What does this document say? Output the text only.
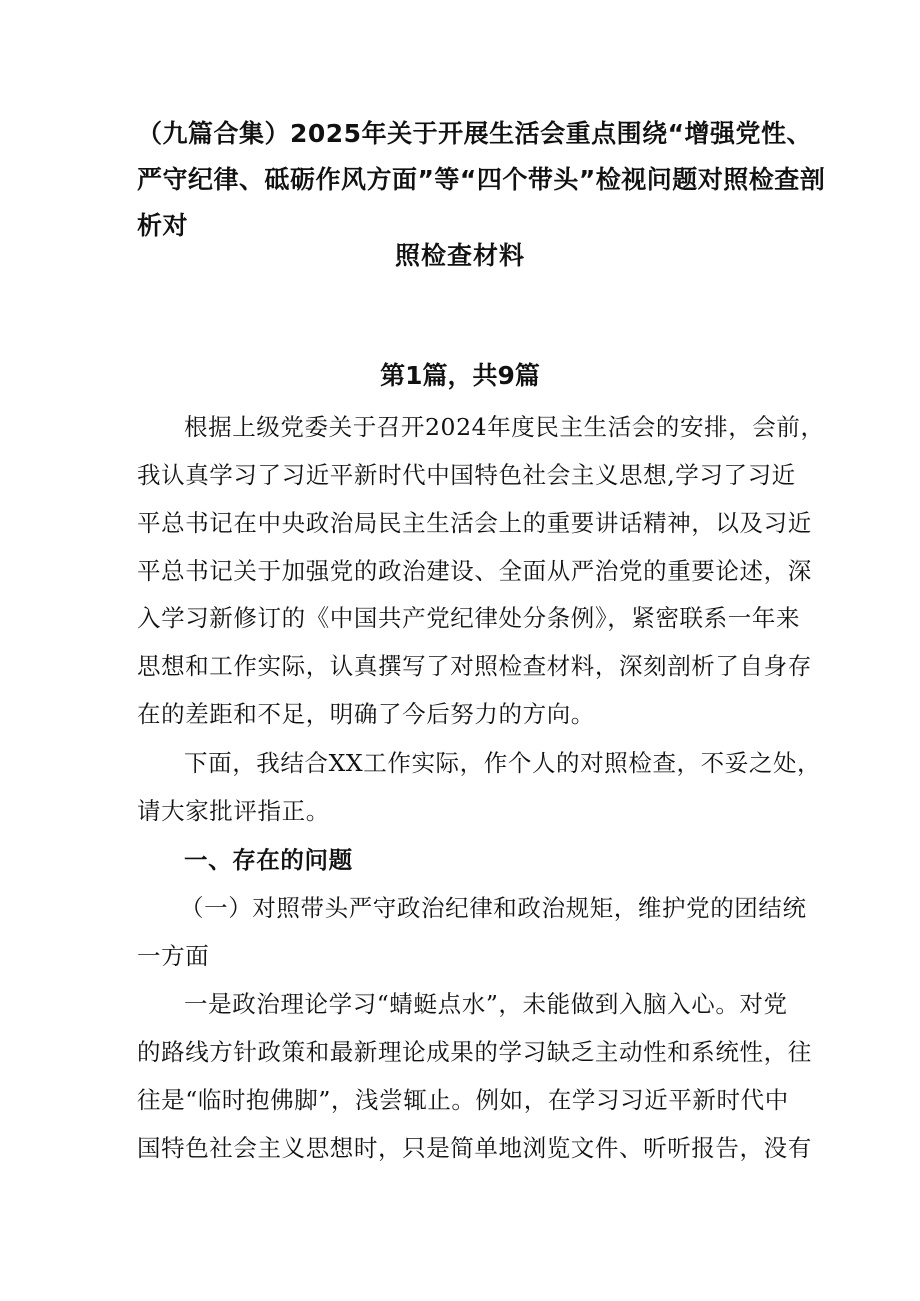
（九篇合集）2025年关于开展生活会重点围绕“增强党性、
严守纪律、砥砺作风方面”等“四个带头”检视问题对照检查剖
析对
照检查材料
第1篇，共9篇
根据上级党委关于召开2024年度民主生活会的安排，会前，
我认真学习了习近平新时代中国特色社会主义思想,学习了习近
平总书记在中央政治局民主生活会上的重要讲话精神，以及习近
平总书记关于加强党的政治建设、全面从严治党的重要论述，深
入学习新修订的《中国共产党纪律处分条例》，紧密联系一年来
思想和工作实际，认真撰写了对照检查材料，深刻剖析了自身存
在的差距和不足，明确了今后努力的方向。
下面，我结合XX工作实际，作个人的对照检查，不妥之处，
请大家批评指正。
一、存在的问题
（一）对照带头严守政治纪律和政治规矩，维护党的团结统
一方面
一是政治理论学习“蜻蜓点水”，未能做到入脑入心。对党
的路线方针政策和最新理论成果的学习缺乏主动性和系统性，往
往是“临时抱佛脚”，浅尝辄止。例如，在学习习近平新时代中
国特色社会主义思想时，只是简单地浏览文件、听听报告，没有
